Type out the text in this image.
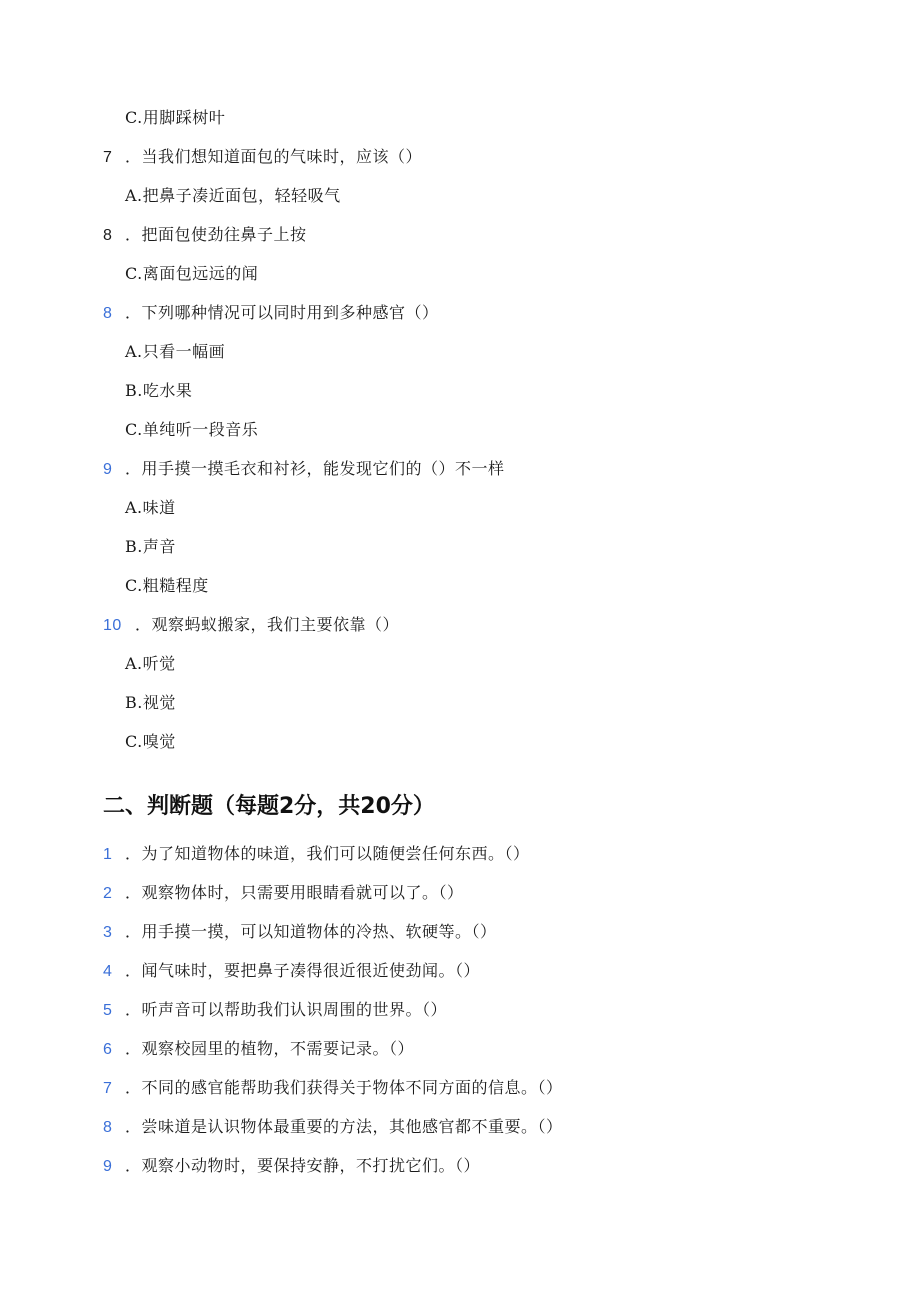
C.用脚踩树叶
7 ．当我们想知道面包的气味时，应该（）
A.把鼻子凑近面包，轻轻吸气
8 ．把面包使劲往鼻子上按
C.离面包远远的闻
8 ．下列哪种情况可以同时用到多种感官（）
A.只看一幅画
B.吃水果
C.单纯听一段音乐
9 ．用手摸一摸毛衣和衬衫，能发现它们的（）不一样
A.味道
B.声音
C.粗糙程度
10 ．观察蚂蚁搬家，我们主要依靠（）
A.听觉
B.视觉
C.嗅觉
二、判断题（每题2分，共20分）
1 ．为了知道物体的味道，我们可以随便尝任何东西。（）
2 ．观察物体时，只需要用眼睛看就可以了。（）
3 ．用手摸一摸，可以知道物体的冷热、软硬等。（）
4 ．闻气味时，要把鼻子凑得很近很近使劲闻。（）
5 ．听声音可以帮助我们认识周围的世界。（）
6 ．观察校园里的植物，不需要记录。（）
7 ．不同的感官能帮助我们获得关于物体不同方面的信息。（）
8 ．尝味道是认识物体最重要的方法，其他感官都不重要。（）
9 ．观察小动物时，要保持安静，不打扰它们。（）
